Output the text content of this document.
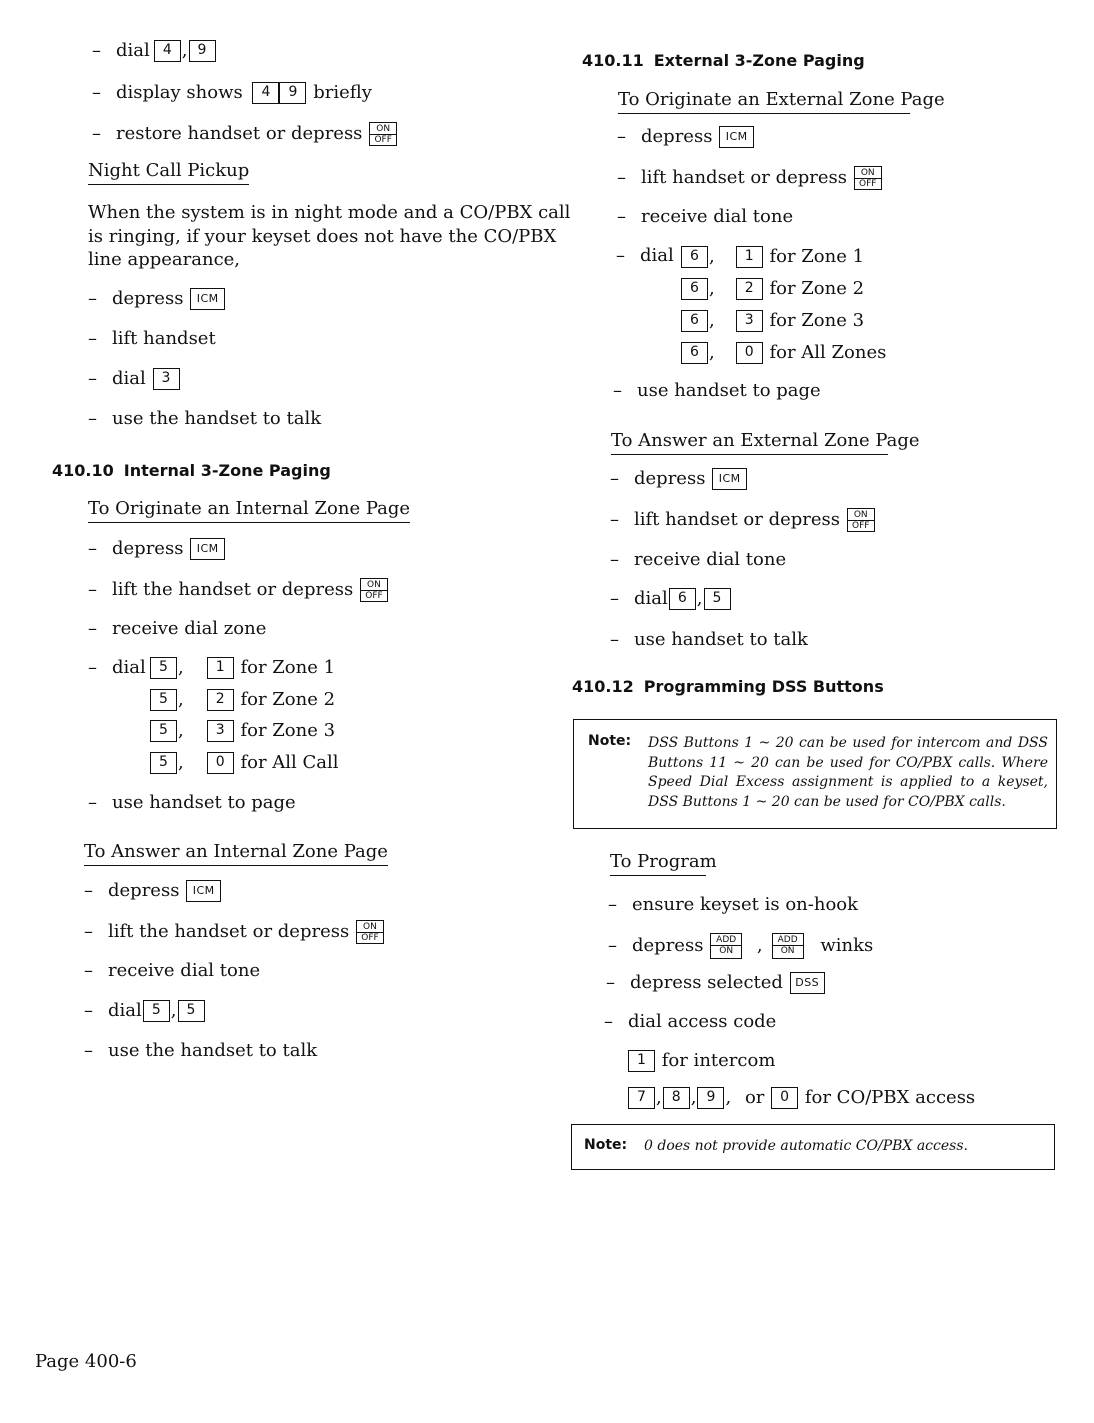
– dial 4 , 9
– display shows 4 9 briefly
– restore handset or depress	ON
OFF
Night Call Pickup
When the system is in night mode and a CO/PBX call
is ringing, if your keyset does not have the CO/PBX
line appearance,
– depress ICM
– lift handset
– dial 3
– use the handset to talk
410.10 Internal 3-Zone Paging
To Originate an Internal Zone Page
– depress ICM
– lift the handset or depress	ON
OFF
– receive dial zone
– dial 5 , 1 for Zone 1
5 , 2 for Zone 2
5 , 3 for Zone 3
5 , 0 for All Call
– use handset to page
To Answer an Internal Zone Page
– depress ICM
– lift the handset or depress	ON
OFF
– receive dial tone
– dial 5 , 5
– use the handset to talk
410.11 External 3-Zone Paging
To Originate an External Zone Page
– depress ICM
– lift handset or depress	ON
OFF
– receive dial tone
– dial	6 , 1 for Zone 1
6 , 2 for Zone 2
6 , 3 for Zone 3
6 , 0 for All Zones
– use handset to page
To Answer an External Zone Page
– depress ICM
– lift handset or depress	ON
OFF
– receive dial tone
– dial 6 , 5
– use handset to talk
410.12 Programming DSS Buttons
Note: DSS Buttons 1 ~ 20 can be used for intercom and DSS Buttons 11 ~ 20 can be used for CO/PBX calls. Where Speed Dial Excess assignment is applied to a keyset, DSS Buttons 1 ~ 20 can be used for CO/PBX calls.
To Program
– ensure keyset is on-hook
– depress	ADD
ON	,	ADD
ON	winks
– depress selected DSS
– dial access code
1 for intercom
7 , 8 , 9 , or 0 for CO/PBX access
Note: 0 does not provide automatic CO/PBX access.
Page 400-6
